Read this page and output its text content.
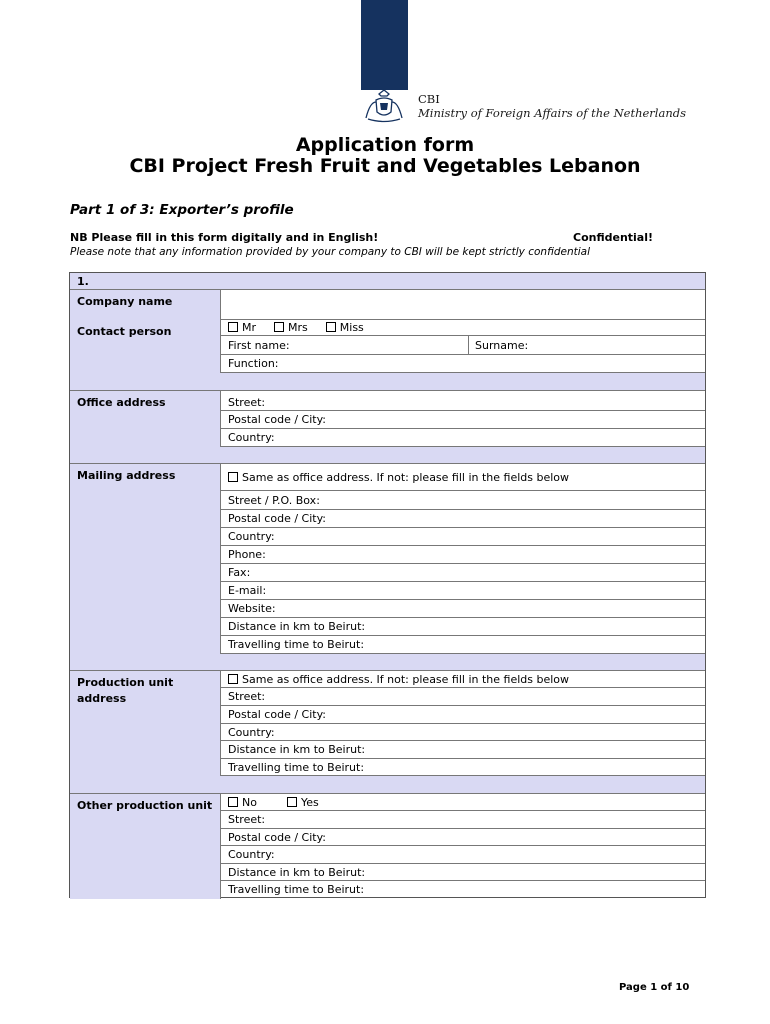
CBI
Ministry of Foreign Affairs of the Netherlands
Application form
CBI Project Fresh Fruit and Vegetables Lebanon
Part 1 of 3: Exporter’s profile
NB Please fill in this form digitally and in English!	Confidential!
Please note that any information provided by your company to CBI will be kept strictly confidential
1.
Company name
Contact person	Mr	Mrs	Miss
First name:	Surname:
Function:
Office address	Street:
Postal code / City:
Country:
Mailing address	Same as office address. If not: please fill in the fields below
Street / P.O. Box:
Postal code / City:
Country:
Phone:
Fax:
E-mail:
Website:
Distance in km to Beirut:
Travelling time to Beirut:
Production unit address
Same as office address. If not: please fill in the fields below
Street:
Postal code / City:
Country:
Distance in km to Beirut:
Travelling time to Beirut:
Other production unit	No	Yes
Street:
Postal code / City:
Country:
Distance in km to Beirut:
Travelling time to Beirut:
Page 1 of 10
